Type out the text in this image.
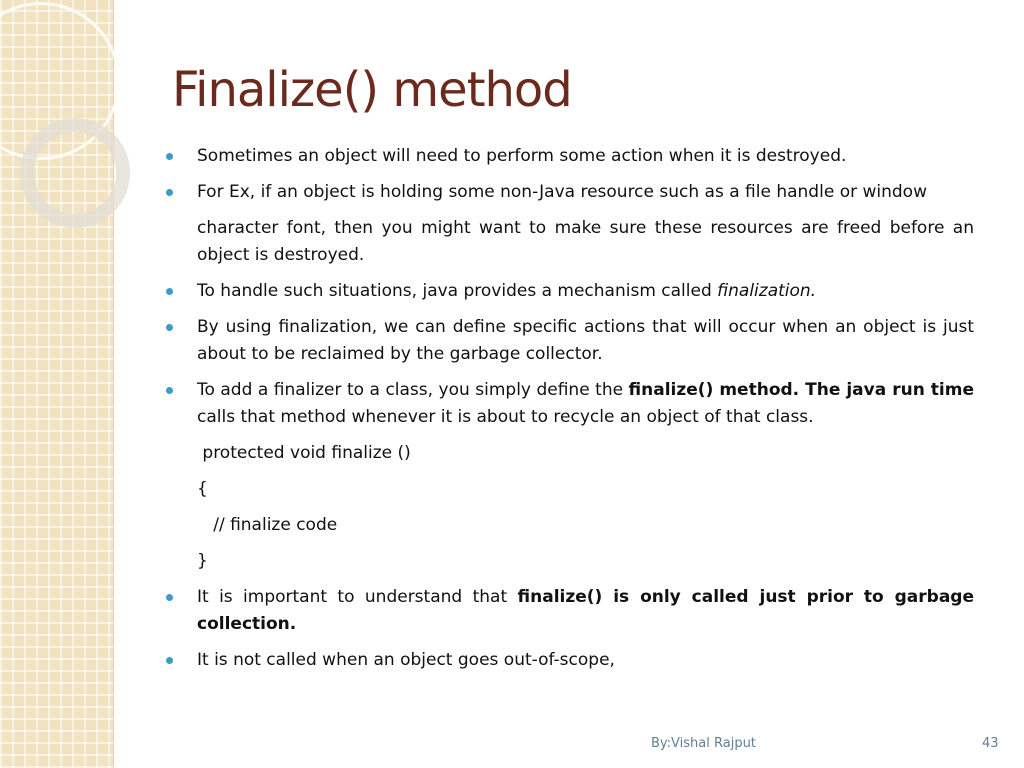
Finalize() method

Sometimes an object will need to perform some action when it is destroyed.

For Ex, if an object is holding some non-Java resource such as a file handle or window

character font, then you might want to make sure these resources are freed before an object is destroyed.

To handle such situations, java provides a mechanism called finalization.

By using finalization, we can define specific actions that will occur when an object is just about to be reclaimed by the garbage collector.

To add a finalizer to a class, you simply define the finalize() method. The java run time calls that method whenever it is about to recycle an object of that class.

protected void finalize ()
{
// finalize code
}

It is important to understand that finalize() is only called just prior to garbage collection.

It is not called when an object goes out-of-scope,

By:Vishal Rajput	43
